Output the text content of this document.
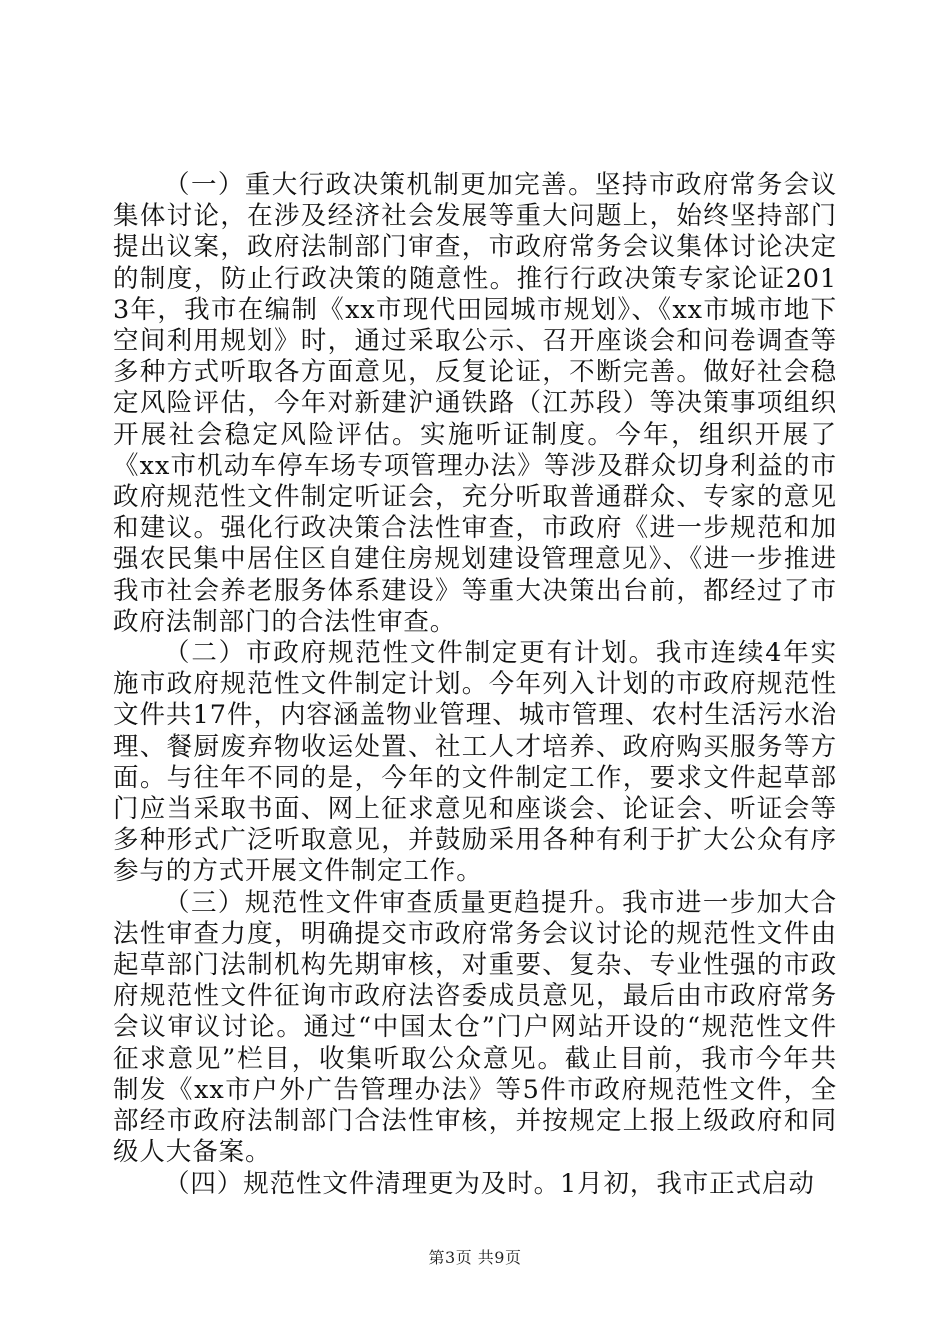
（一）重大行政决策机制更加完善。坚持市政府常务会议集体讨论，在涉及经济社会发展等重大问题上，始终坚持部门提出议案，政府法制部门审查，市政府常务会议集体讨论决定的制度，防止行政决策的随意性。推行行政决策专家论证2013年，我市在编制《xx市现代田园城市规划》、《xx市城市地下空间利用规划》时，通过采取公示、召开座谈会和问卷调查等多种方式听取各方面意见，反复论证，不断完善。做好社会稳定风险评估，今年对新建沪通铁路（江苏段）等决策事项组织开展社会稳定风险评估。实施听证制度。今年，组织开展了《xx市机动车停车场专项管理办法》等涉及群众切身利益的市政府规范性文件制定听证会，充分听取普通群众、专家的意见和建议。强化行政决策合法性审查，市政府《进一步规范和加强农民集中居住区自建住房规划建设管理意见》、《进一步推进我市社会养老服务体系建设》等重大决策出台前，都经过了市政府法制部门的合法性审查。

（二）市政府规范性文件制定更有计划。我市连续4年实施市政府规范性文件制定计划。今年列入计划的市政府规范性文件共17件，内容涵盖物业管理、城市管理、农村生活污水治理、餐厨废弃物收运处置、社工人才培养、政府购买服务等方面。与往年不同的是，今年的文件制定工作，要求文件起草部门应当采取书面、网上征求意见和座谈会、论证会、听证会等多种形式广泛听取意见，并鼓励采用各种有利于扩大公众有序参与的方式开展文件制定工作。

（三）规范性文件审查质量更趋提升。我市进一步加大合法性审查力度，明确提交市政府常务会议讨论的规范性文件由起草部门法制机构先期审核，对重要、复杂、专业性强的市政府规范性文件征询市政府法咨委成员意见，最后由市政府常务会议审议讨论。通过“中国太仓”门户网站开设的“规范性文件征求意见”栏目，收集听取公众意见。截止目前，我市今年共制发《xx市户外广告管理办法》等5件市政府规范性文件，全部经市政府法制部门合法性审核，并按规定上报上级政府和同级人大备案。

（四）规范性文件清理更为及时。1月初，我市正式启动

第3页 共9页
